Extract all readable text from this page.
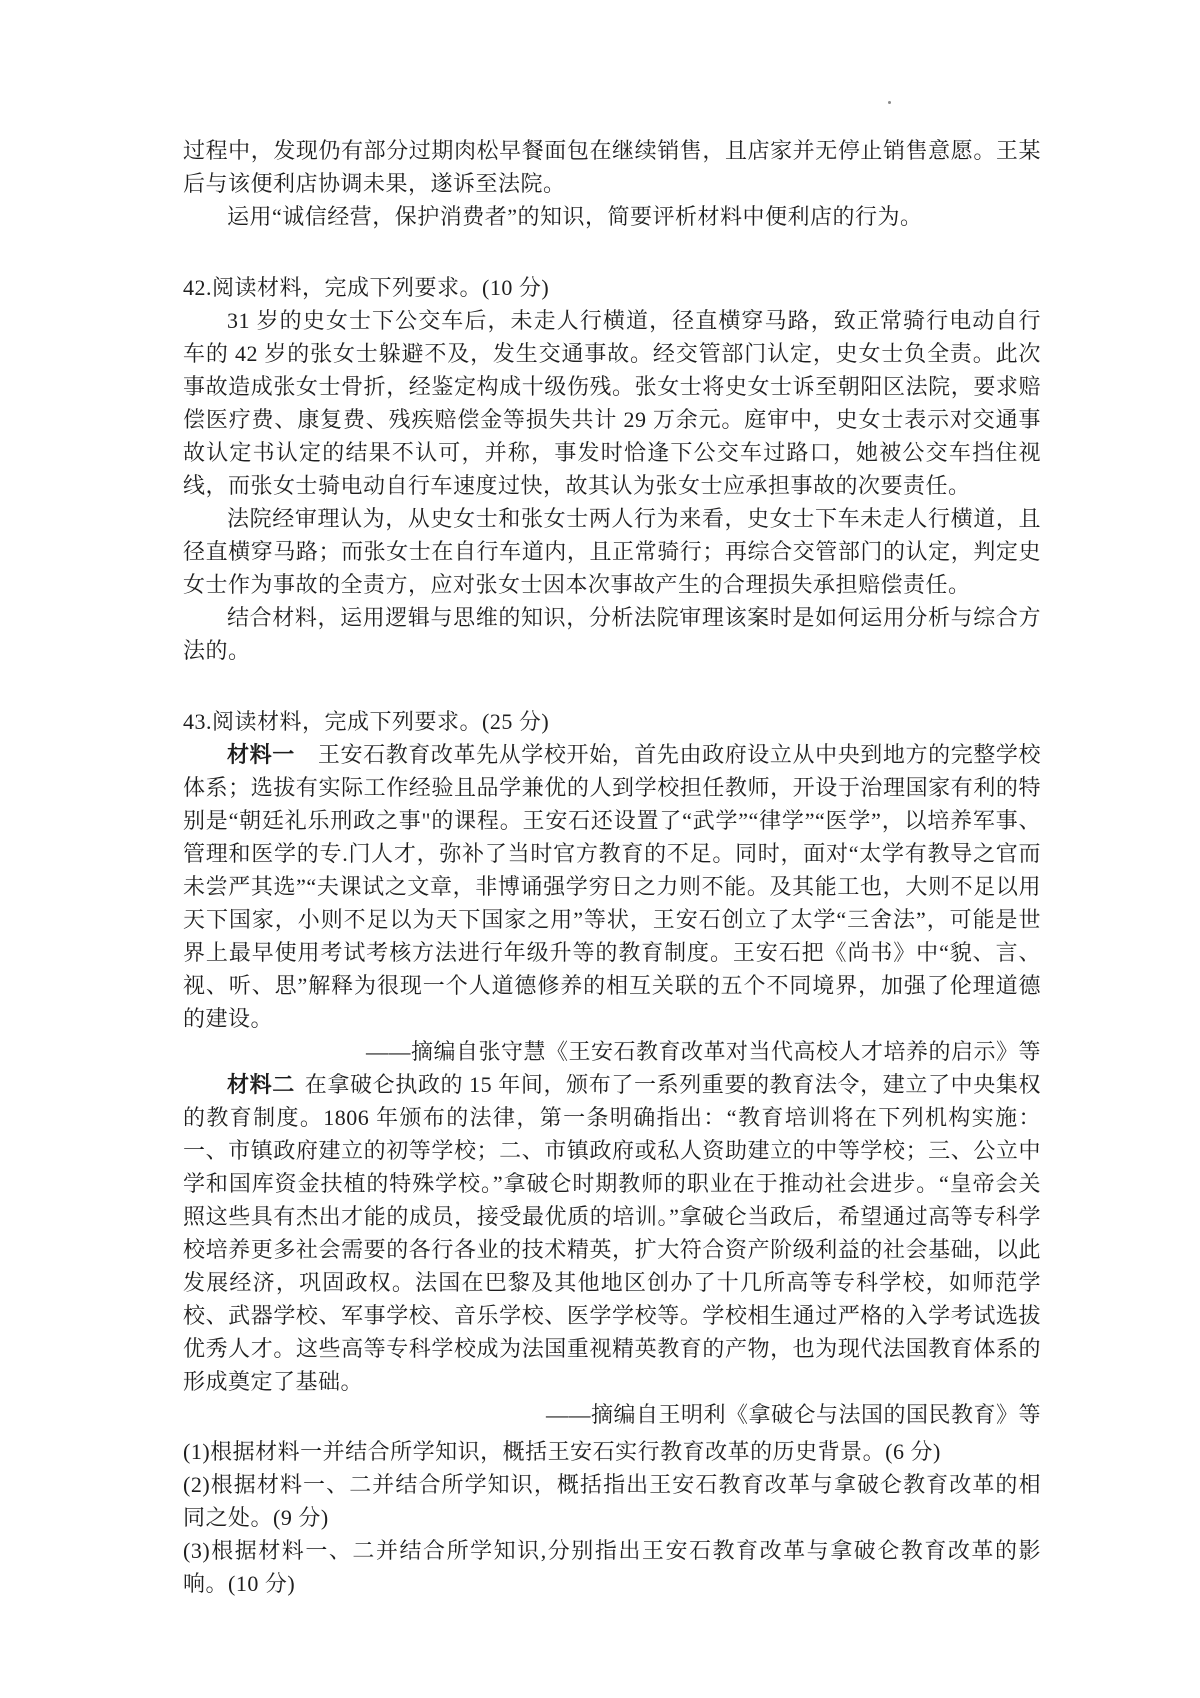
过程中，发现仍有部分过期肉松早餐面包在继续销售，且店家并无停止销售意愿。王某后与该便利店协调未果，遂诉至法院。

运用“诚信经营，保护消费者”的知识，简要评析材料中便利店的行为。

42.阅读材料，完成下列要求。(10 分)

31 岁的史女士下公交车后，未走人行横道，径直横穿马路，致正常骑行电动自行车的 42 岁的张女士躲避不及，发生交通事故。经交管部门认定，史女士负全责。此次事故造成张女士骨折，经鉴定构成十级伤残。张女士将史女士诉至朝阳区法院，要求赔偿医疗费、康复费、残疾赔偿金等损失共计 29 万余元。庭审中，史女士表示对交通事故认定书认定的结果不认可，并称，事发时恰逢下公交车过路口，她被公交车挡住视线，而张女士骑电动自行车速度过快，故其认为张女士应承担事故的次要责任。

法院经审理认为，从史女士和张女士两人行为来看，史女士下车未走人行横道，且径直横穿马路；而张女士在自行车道内，且正常骑行；再综合交管部门的认定，判定史女士作为事故的全责方，应对张女士因本次事故产生的合理损失承担赔偿责任。

结合材料，运用逻辑与思维的知识，分析法院审理该案时是如何运用分析与综合方法的。

43.阅读材料，完成下列要求。(25 分)

材料一 王安石教育改革先从学校开始，首先由政府设立从中央到地方的完整学校体系；选拔有实际工作经验且品学兼优的人到学校担任教师，开设于治理国家有利的特别是“朝廷礼乐刑政之事"的课程。王安石还设置了“武学”“律学”“医学”，以培养军事、管理和医学的专.门人才，弥补了当时官方教育的不足。同时，面对“太学有教导之官而未尝严其选”“夫课试之文章，非博诵强学穷日之力则不能。及其能工也，大则不足以用天下国家，小则不足以为天下国家之用”等状，王安石创立了太学“三舍法”，可能是世界上最早使用考试考核方法进行年级升等的教育制度。王安石把《尚书》中“貌、言、视、听、思”解释为很现一个人道德修养的相互关联的五个不同境界，加强了伦理道德的建设。

——摘编自张守慧《王安石教育改革对当代高校人才培养的启示》等

材料二 在拿破仑执政的 15 年间，颁布了一系列重要的教育法令，建立了中央集权的教育制度。1806 年颁布的法律，第一条明确指出：“教育培训将在下列机构实施：一、市镇政府建立的初等学校；二、市镇政府或私人资助建立的中等学校；三、公立中学和国库资金扶植的特殊学校。”拿破仑时期教师的职业在于推动社会进步。“皇帝会关照这些具有杰出才能的成员，接受最优质的培训。”拿破仑当政后，希望通过高等专科学校培养更多社会需要的各行各业的技术精英，扩大符合资产阶级利益的社会基础，以此发展经济，巩固政权。法国在巴黎及其他地区创办了十几所高等专科学校，如师范学校、武器学校、军事学校、音乐学校、医学学校等。学校相生通过严格的入学考试选拔优秀人才。这些高等专科学校成为法国重视精英教育的产物，也为现代法国教育体系的形成奠定了基础。

——摘编自王明利《拿破仑与法国的国民教育》等

(1)根据材料一并结合所学知识，概括王安石实行教育改革的历史背景。(6 分)

(2)根据材料一、二并结合所学知识，概括指出王安石教育改革与拿破仑教育改革的相同之处。(9 分)

(3)根据材料一、二并结合所学知识,分别指出王安石教育改革与拿破仑教育改革的影响。(10 分)
